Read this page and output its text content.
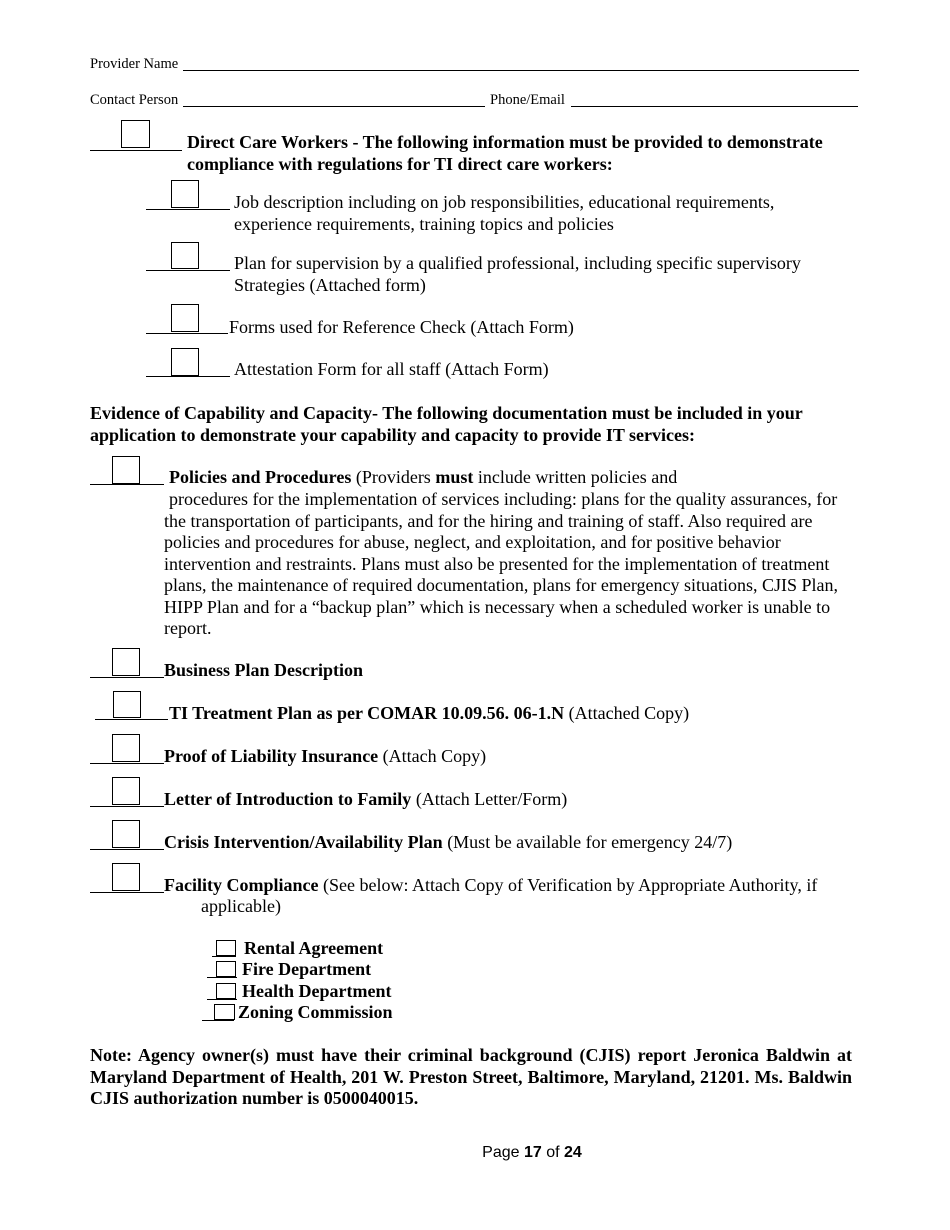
Provider Name
Contact Person	Phone/Email
Direct Care Workers - The following information must be provided to demonstrate compliance with regulations for TI direct care workers:
Job description including on job responsibilities, educational requirements, experience requirements, training topics and policies
Plan for supervision by a qualified professional, including specific supervisory Strategies (Attached form)
Forms used for Reference Check (Attach Form)
Attestation Form for all staff (Attach Form)
Evidence of Capability and Capacity- The following documentation must be included in your application to demonstrate your capability and capacity to provide IT services:
Policies and Procedures (Providers must include written policies and
procedures for the implementation of services including: plans for the quality assurances, for the transportation of participants, and for the hiring and training of staff. Also required are policies and procedures for abuse, neglect, and exploitation, and for positive behavior intervention and restraints. Plans must also be presented for the implementation of treatment plans, the maintenance of required documentation, plans for emergency situations, CJIS Plan, HIPP Plan and for a “backup plan” which is necessary when a scheduled worker is unable to report.
Business Plan Description
TI Treatment Plan as per COMAR 10.09.56. 06-1.N (Attached Copy)
Proof of Liability Insurance (Attach Copy)
Letter of Introduction to Family (Attach Letter/Form)
Crisis Intervention/Availability Plan (Must be available for emergency 24/7)
Facility Compliance (See below: Attach Copy of Verification by Appropriate Authority, if
applicable)
Rental Agreement
Fire Department
Health Department
Zoning Commission
Note: Agency owner(s) must have their criminal background (CJIS) report Jeronica Baldwin at Maryland Department of Health, 201 W. Preston Street, Baltimore, Maryland, 21201. Ms. Baldwin CJIS authorization number is 0500040015.
Page 17 of 24
